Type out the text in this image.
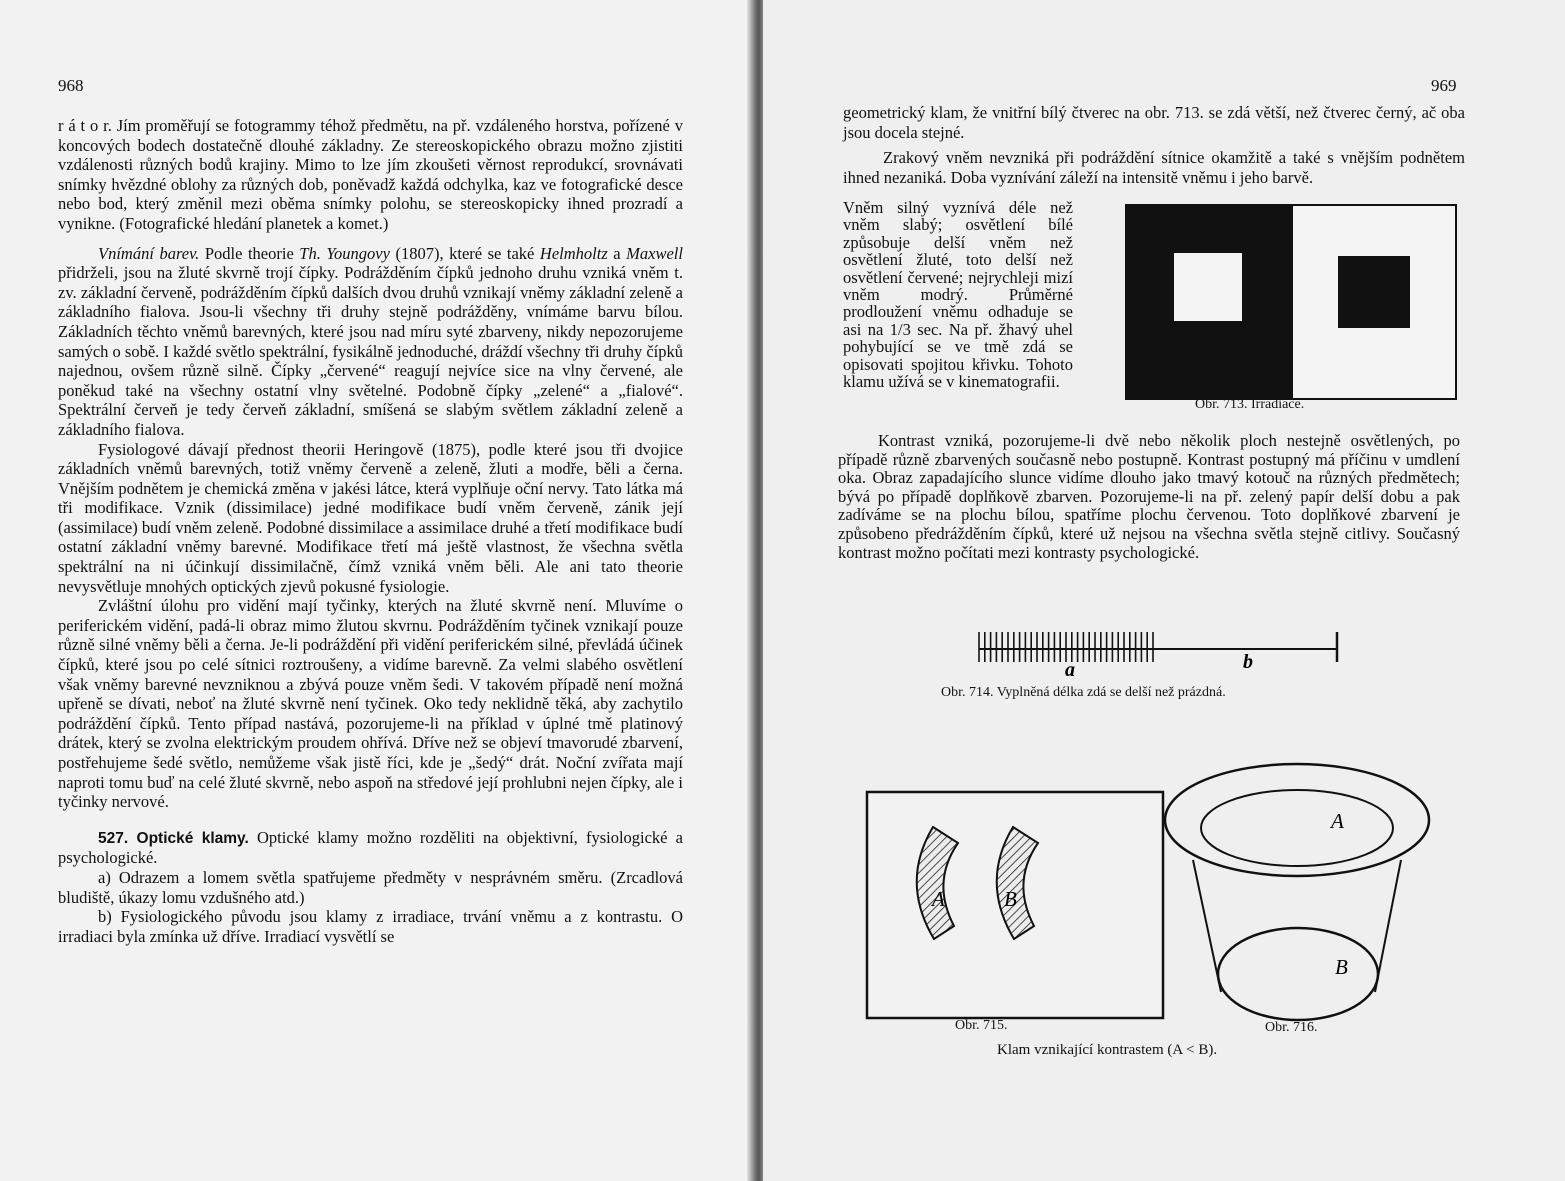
968

r á t o r. Jím proměřují se fotogrammy téhož předmětu, na př. vzdáleného horstva, pořízené v koncových bodech dostatečně dlouhé základny. Ze stereoskopického obrazu možno zjistiti vzdálenosti různých bodů krajiny. Mimo to lze jím zkoušeti věrnost reprodukcí, srovnávati snímky hvězdné oblohy za různých dob, poněvadž každá odchylka, kaz ve fotografické desce nebo bod, který změnil mezi oběma snímky polohu, se stereoskopicky ihned prozradí a vynikne. (Fotografické hledání planetek a komet.)

Vnímání barev. Podle theorie Th. Youngovy (1807), které se také Helmholtz a Maxwell přidrželi, jsou na žluté skvrně trojí čípky. Podrážděním čípků jednoho druhu vzniká vněm t. zv. základní červeně, podrážděním čípků dalších dvou druhů vznikají vněmy základní zeleně a základního fialova. Jsou-li všechny tři druhy stejně podrážděny, vnímáme barvu bílou. Základních těchto vněmů barevných, které jsou nad míru syté zbarveny, nikdy nepozorujeme samých o sobě. I každé světlo spektrální, fysikálně jednoduché, dráždí všechny tři druhy čípků najednou, ovšem různě silně. Čípky „červené“ reagují nejvíce sice na vlny červené, ale poněkud také na všechny ostatní vlny světelné. Podobně čípky „zelené“ a „fialové“. Spektrální červeň je tedy červeň základní, smíšená se slabým světlem základní zeleně a základního fialova.

Fysiologové dávají přednost theorii Heringově (1875), podle které jsou tři dvojice základních vněmů barevných, totiž vněmy červeně a zeleně, žluti a modře, běli a černa. Vnějším podnětem je chemická změna v jakési látce, která vyplňuje oční nervy. Tato látka má tři modifikace. Vznik (dissimilace) jedné modifikace budí vněm červeně, zánik její (assimilace) budí vněm zeleně. Podobné dissimilace a assimilace druhé a třetí modifikace budí ostatní základní vněmy barevné. Modifikace třetí má ještě vlastnost, že všechna světla spektrální na ni účinkují dissimilačně, čímž vzniká vněm běli. Ale ani tato theorie nevysvětluje mnohých optických zjevů pokusné fysiologie.

Zvláštní úlohu pro vidění mají tyčinky, kterých na žluté skvrně není. Mluvíme o periferickém vidění, padá-li obraz mimo žlutou skvrnu. Podrážděním tyčinek vznikají pouze různě silné vněmy běli a černa. Je-li podráždění při vidění periferickém silné, převládá účinek čípků, které jsou po celé sítnici roztroušeny, a vidíme barevně. Za velmi slabého osvětlení však vněmy barevné nevzniknou a zbývá pouze vněm šedi. V takovém případě není možná upřeně se dívati, neboť na žluté skvrně není tyčinek. Oko tedy neklidně těká, aby zachytilo podráždění čípků. Tento případ nastává, pozorujeme-li na příklad v úplné tmě platinový drátek, který se zvolna elektrickým proudem ohřívá. Dříve než se objeví tmavorudé zbarvení, postřehujeme šedé světlo, nemůžeme však jistě říci, kde je „šedý“ drát. Noční zvířata mají naproti tomu buď na celé žluté skvrně, nebo aspoň na středové její prohlubni nejen čípky, ale i tyčinky nervové.

527. Optické klamy. Optické klamy možno rozděliti na objektivní, fysiologické a psychologické.

a) Odrazem a lomem světla spatřujeme předměty v nesprávném směru. (Zrcadlová bludiště, úkazy lomu vzdušného atd.)

b) Fysiologického původu jsou klamy z irradiace, trvání vněmu a z kontrastu. O irradiaci byla zmínka už dříve. Irradiací vysvětlí se

969

geometrický klam, že vnitřní bílý čtverec na obr. 713. se zdá větší, než čtverec černý, ač oba jsou docela stejné.

Zrakový vněm nevzniká při podráždění sítnice okamžitě a také s vnějším podnětem ihned nezaniká. Doba vyznívání záleží na intensitě vněmu i jeho barvě.

Vněm silný vyznívá déle než vněm slabý; osvětlení bílé způsobuje delší vněm než osvětlení žluté, toto delší než osvětlení červené; nejrychleji mizí vněm modrý. Průměrné prodloužení vněmu odhaduje se asi na 1/3 sec. Na př. žhavý uhel pohybující se ve tmě zdá se opisovati spojitou křivku. Tohoto klamu užívá se v kinematografii.
Obr. 713. Irradiace.

Kontrast vzniká, pozorujeme-li dvě nebo několik ploch nestejně osvětlených, po případě různě zbarvených současně nebo postupně. Kontrast postupný má příčinu v umdlení oka. Obraz zapadajícího slunce vidíme dlouho jako tmavý kotouč na různých předmětech; bývá po případě doplňkově zbarven. Pozorujeme-li na př. zelený papír delší dobu a pak zadíváme se na plochu bílou, spatříme plochu červenou. Toto doplňkové zbarvení je způsobeno předrážděním čípků, které už nejsou na všechna světla stejně citlivy. Současný kontrast možno počítati mezi kontrasty psychologické.

a	b
Obr. 714. Vyplněná délka zdá se delší než prázdná.
A	B
Obr. 715.
A
B
Obr. 716.
Klam vznikající kontrastem (A < B).
